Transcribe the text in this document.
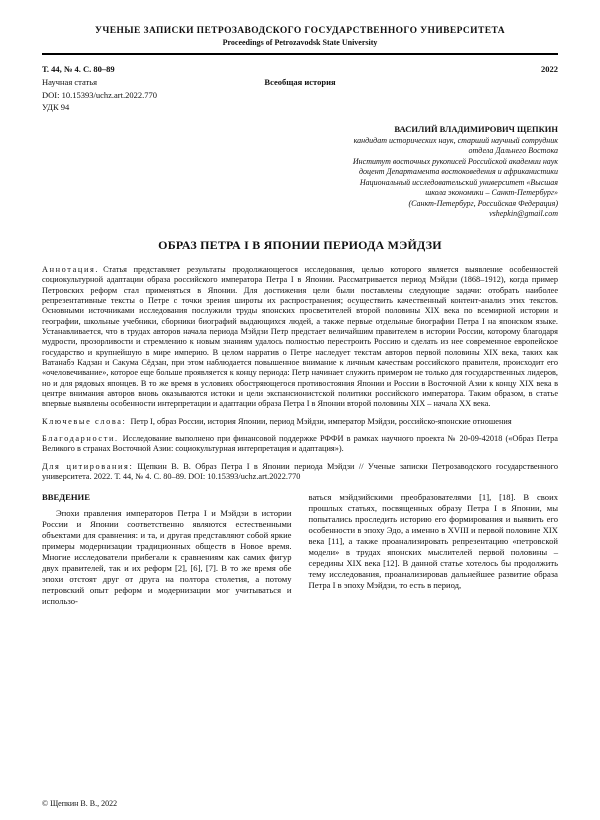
УЧЕНЫЕ ЗАПИСКИ ПЕТРОЗАВОДСКОГО ГОСУДАРСТВЕННОГО УНИВЕРСИТЕТА
Proceedings of Petrozavodsk State University
Т. 44, № 4. С. 80–89	2022
Научная статья	Всеобщая история
DOI: 10.15393/uchz.art.2022.770
УДК 94
ВАСИЛИЙ ВЛАДИМИРОВИЧ ЩЕПКИН
кандидат исторических наук, старший научный сотрудник
отдела Дальнего Востока
Институт восточных рукописей Российской академии наук
доцент Департамента востоковедения и африканистики
Национальный исследовательский университет «Высшая
школа экономики – Санкт-Петербург»
(Санкт-Петербург, Российская Федерация)
vshepkin@gmail.com
ОБРАЗ ПЕТРА I В ЯПОНИИ ПЕРИОДА МЭЙДЗИ

Аннотация. Статья представляет результаты продолжающегося исследования, целью которого является выявление особенностей социокультурной адаптации образа российского императора Петра I в Японии. Рассматривается период Мэйдзи (1868–1912), когда пример Петровских реформ стал применяться в Японии. Для достижения цели были поставлены следующие задачи: отобрать наиболее репрезентативные тексты о Петре с точки зрения широты их распространения; осуществить качественный контент-анализ этих текстов. Основными источниками исследования послужили труды японских просветителей второй половины XIX века по всемирной истории и географии, школьные учебники, сборники биографий выдающихся людей, а также первые отдельные биографии Петра I на японском языке. Устанавливается, что в трудах авторов начала периода Мэйдзи Петр предстает величайшим правителем в истории России, которому благодаря мудрости, прозорливости и стремлению к новым знаниям удалось полностью перестроить Россию и сделать из нее современное европейское государство и крупнейшую в мире империю. В целом нарратив о Петре наследует текстам авторов первой половины XIX века, таких как Ватанабэ Кадзан и Сакума Сёдзан, при этом наблюдается повышенное внимание к личным качествам российского правителя, происходит его «очеловечивание», которое еще больше проявляется к концу периода: Петр начинает служить примером не только для государственных лидеров, но и для рядовых японцев. В то же время в условиях обостряющегося противостояния Японии и России в Восточной Азии к концу XIX века в центре внимания авторов вновь оказываются истоки и цели экспансионистской политики российского императора. Таким образом, в статье впервые выявлены особенности интерпретации и адаптации образа Петра I в Японии второй половины XIX – начала XX века.

Ключевые слова: Петр I, образ России, история Японии, период Мэйдзи, император Мэйдзи, российско-японские отношения

Благодарности. Исследование выполнено при финансовой поддержке РФФИ в рамках научного проекта № 20-09-42018 («Образ Петра Великого в странах Восточной Азии: социокультурная интерпретация и адаптация»).

Для цитирования: Щепкин В. В. Образ Петра I в Японии периода Мэйдзи // Ученые записки Петрозаводского государственного университета. 2022. Т. 44, № 4. С. 80–89. DOI: 10.15393/uchz.art.2022.770

ВВЕДЕНИЕ

Эпохи правления императоров Петра I и Мэйдзи в истории России и Японии соответственно являются естественными объектами для сравнения: и та, и другая представляют собой яркие примеры модернизации традиционных обществ в Новое время. Многие исследователи прибегали к сравнениям как самих фигур двух правителей, так и их реформ [2], [6], [7]. В то же время обе эпохи отстоят друг от друга на полтора столетия, а потому петровский опыт реформ и модернизации мог учитываться и использо-

ваться мэйдзийскими преобразователями [1], [18]. В своих прошлых статьях, посвященных образу Петра I в Японии, мы попытались проследить историю его формирования и выявить его особенности в эпоху Эдо, а именно в XVIII и первой половине XIX века [11], а также проанализировать репрезентацию «петровской модели» в трудах японских мыслителей первой половины – середины XIX века [12]. В данной статье хотелось бы продолжить тему исследования, проанализировав дальнейшее развитие образа Петра I в эпоху Мэйдзи, то есть в период,

© Щепкин В. В., 2022
